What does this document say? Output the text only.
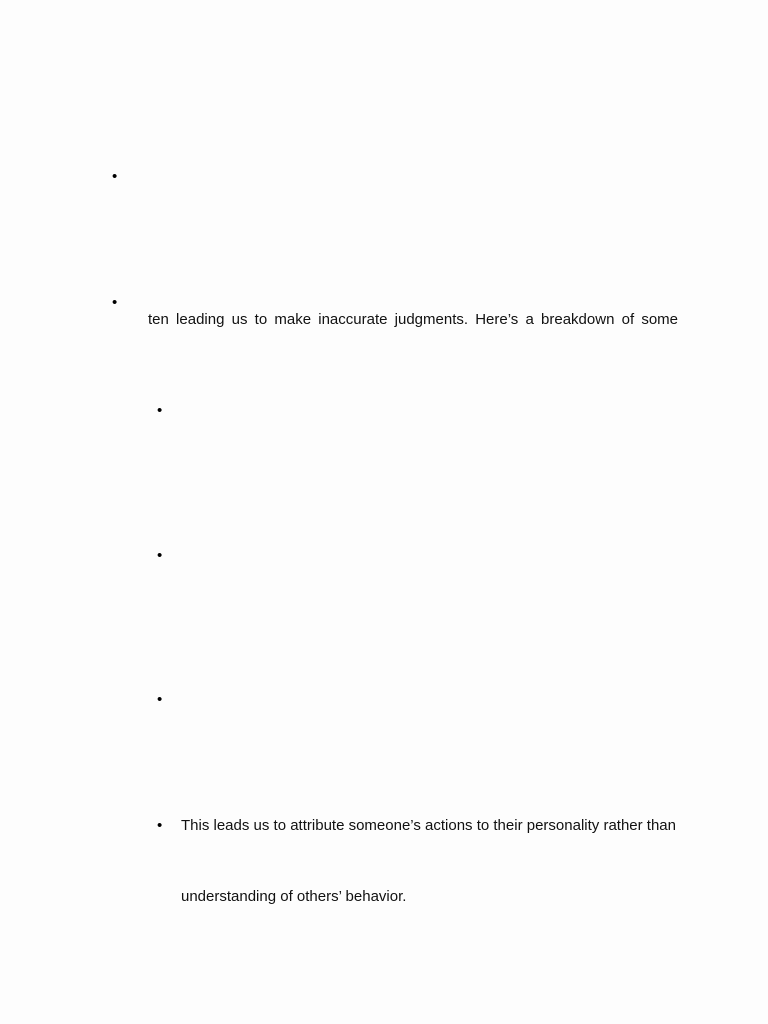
•
•
ten leading us to make inaccurate judgments. Here’s a breakdown of some
•
•
•
• This leads us to attribute someone’s actions to their personality rather than
understanding of others’ behavior.
